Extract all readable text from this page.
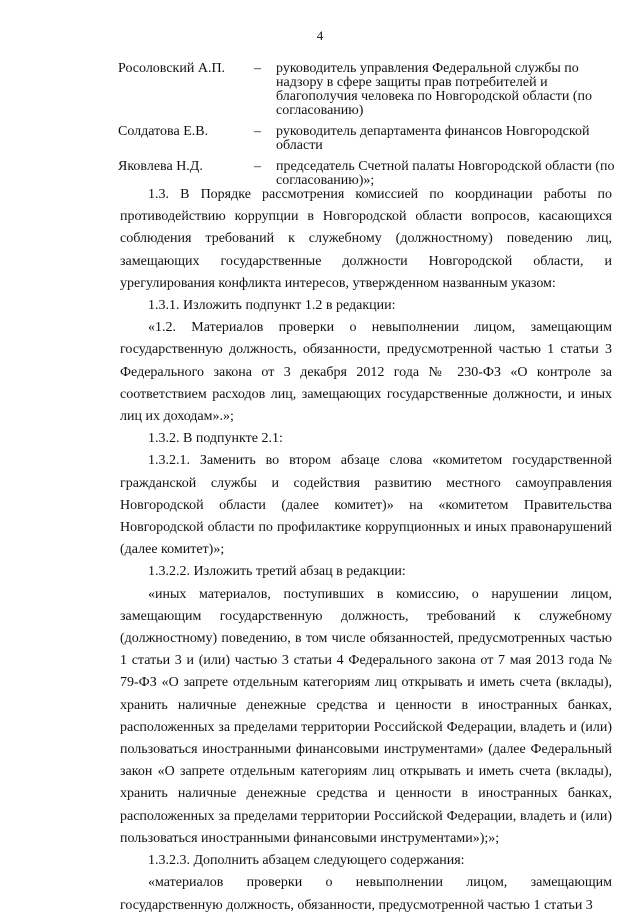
4
Росоловский А.П.	–	руководитель управления Федеральной службы по надзору в сфере защиты прав потребителей и благополучия человека по Новгородской области (по согласованию)
Солдатова Е.В.	–	руководитель департамента финансов Новгородской области
Яковлева Н.Д.	–	председатель Счетной палаты Новгородской области (по согласованию)»;

1.3. В Порядке рассмотрения комиссией по координации работы по противодействию коррупции в Новгородской области вопросов, касающихся соблюдения требований к служебному (должностному) поведению лиц, замещающих государственные должности Новгородской области, и урегулирования конфликта интересов, утвержденном названным указом:

1.3.1. Изложить подпункт 1.2 в редакции:

«1.2. Материалов проверки о невыполнении лицом, замещающим государственную должность, обязанности, предусмотренной частью 1 статьи 3 Федерального закона от 3 декабря 2012 года № 230-ФЗ «О контроле за соответствием расходов лиц, замещающих государственные должности, и иных лиц их доходам».»;

1.3.2. В подпункте 2.1:

1.3.2.1. Заменить во втором абзаце слова «комитетом государственной гражданской службы и содействия развитию местного самоуправления Новгородской области (далее комитет)» на «комитетом Правительства Новгородской области по профилактике коррупционных и иных правонарушений (далее комитет)»;

1.3.2.2. Изложить третий абзац в редакции:

«иных материалов, поступивших в комиссию, о нарушении лицом, замещающим государственную должность, требований к служебному (должностному) поведению, в том числе обязанностей, предусмотренных частью 1 статьи 3 и (или) частью 3 статьи 4 Федерального закона от 7 мая 2013 года № 79-ФЗ «О запрете отдельным категориям лиц открывать и иметь счета (вклады), хранить наличные денежные средства и ценности в иностранных банках, расположенных за пределами территории Российской Федерации, владеть и (или) пользоваться иностранными финансовыми инструментами» (далее Федеральный закон «О запрете отдельным категориям лиц открывать и иметь счета (вклады), хранить наличные денежные средства и ценности в иностранных банках, расположенных за пределами территории Российской Федерации, владеть и (или) пользоваться иностранными финансовыми инструментами»);»;

1.3.2.3. Дополнить абзацем следующего содержания:

«материалов проверки о невыполнении лицом, замещающим государственную должность, обязанности, предусмотренной частью 1 статьи 3
